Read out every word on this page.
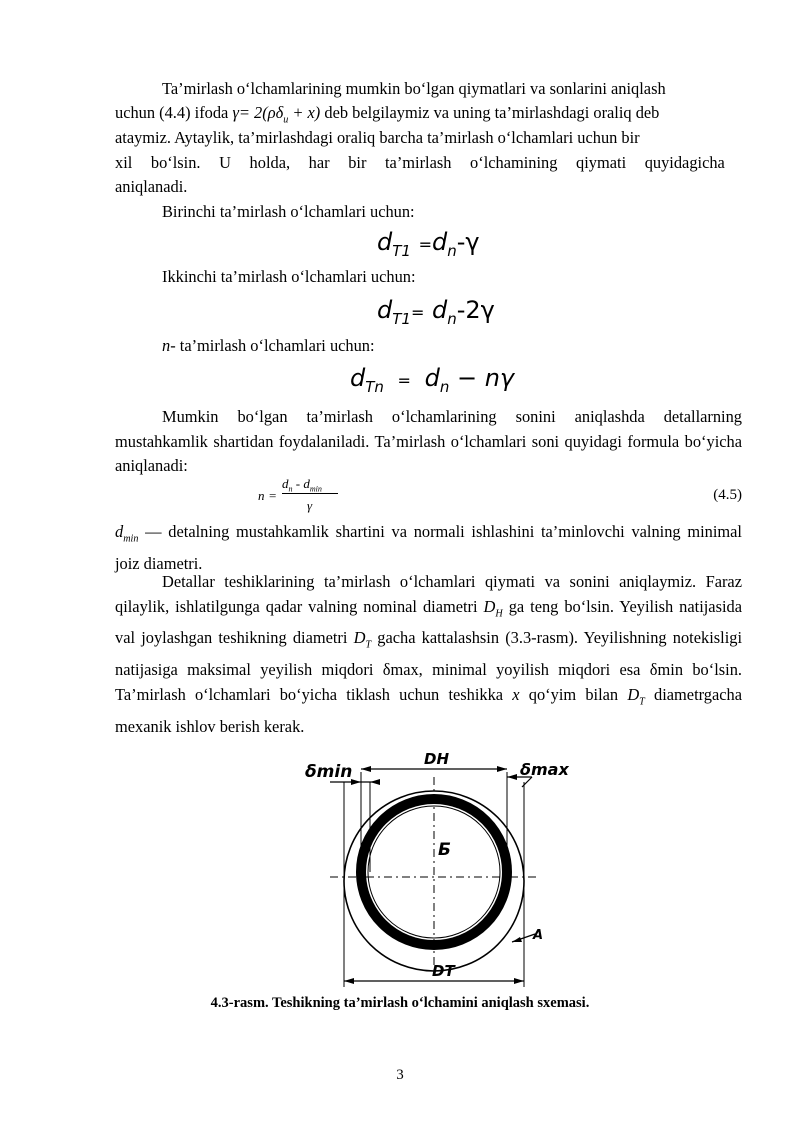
Ta’mirlash o‘lchamlarining mumkin bo‘lgan qiymatlari va sonlarini aniqlash
uchun (4.4) ifoda $\gamma= 2(\rho\delta_u + x)$ deb belgilaymiz va uning ta’mirlashdagi oraliq deb
ataymiz. Aytaylik, ta’mirlashdagi oraliq barcha ta’mirlash o‘lchamlari uchun bir
xil bo‘lsin. U holda, har bir ta’mirlash o‘lchamining qiymati quyidagicha
aniqlanadi.
Birinchi ta’mirlash o‘lchamlari uchun:
$d_{T1} =d_n-\gamma$
Ikkinchi ta’mirlash o‘lchamlari uchun:
$d_{T1}= d_n-2\gamma$
n- ta’mirlash o‘lchamlari uchun:
$d_{Tn} = d_n - n\gamma$

Mumkin bo‘lgan ta’mirlash o‘lchamlarining sonini aniqlashda detallarning mustahkamlik shartidan foydalaniladi. Ta’mirlash o‘lchamlari soni quyidagi formula bo‘yicha aniqlanadi:

n =
$d_n - d_{min}$
γ
(4.5)

$d_{min}$ — detalning mustahkamlik shartini va normali ishlashini ta’minlovchi valning minimal joiz diametri.

Detallar teshiklarining ta’mirlash o‘lchamlari qiymati va sonini aniqlaymiz. Faraz qilaylik, ishlatilgunga qadar valning nominal diametri $D_H$ ga teng bo‘lsin. Yeyilish natijasida val joylashgan teshikning diametri $D_T$ gacha kattalashsin (3.3-rasm). Yeyilishning notekisligi natijasiga maksimal yeyilish miqdori δmax, minimal yoyilish miqdori esa δmin bo‘lsin. Ta’mirlash o‘lchamlari bo‘yicha tiklash uchun teshikka x qo‘yim bilan $D_T$ diametrgacha mexanik ishlov berish kerak.

δmin	δmax
DH
DT
Б
A
4.3-rasm. Teshikning ta’mirlash o‘lchamini aniqlash sxemasi.
3
